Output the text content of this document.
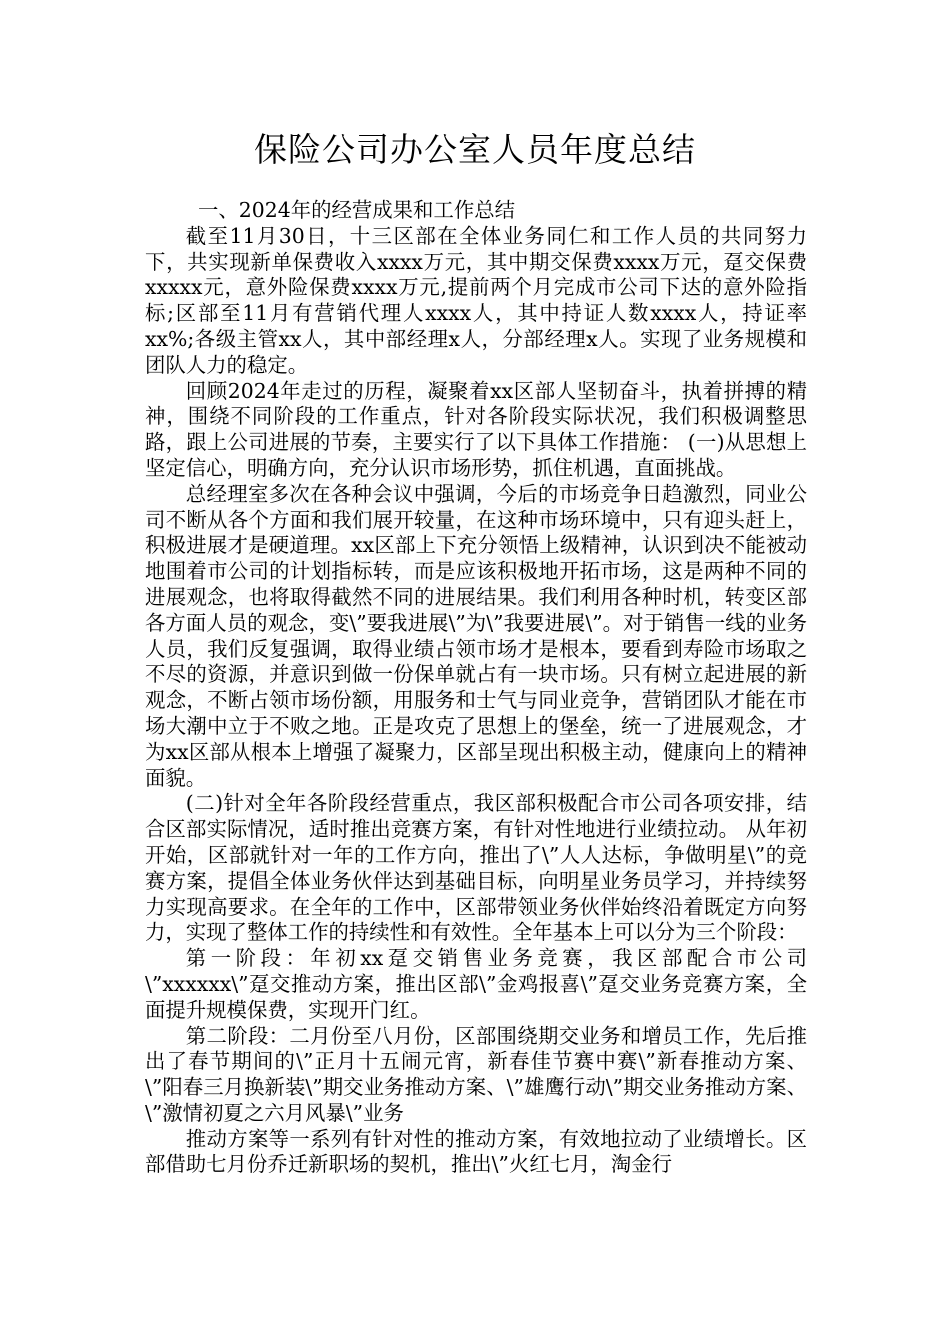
保险公司办公室人员年度总结

一、2024年的经营成果和工作总结

截至11月30日，十三区部在全体业务同仁和工作人员的共同努力下，共实现新单保费收入xxxx万元，其中期交保费xxxx万元，趸交保费xxxxx元，意外险保费xxxx万元,提前两个月完成市公司下达的意外险指标;区部至11月有营销代理人xxxx人，其中持证人数xxxx人，持证率xx%;各级主管xx人，其中部经理x人，分部经理x人。实现了业务规模和团队人力的稳定。

回顾2024年走过的历程，凝聚着xx区部人坚韧奋斗，执着拼搏的精神，围绕不同阶段的工作重点，针对各阶段实际状况，我们积极调整思路，跟上公司进展的节奏，主要实行了以下具体工作措施： (一)从思想上坚定信心，明确方向，充分认识市场形势，抓住机遇，直面挑战。

总经理室多次在各种会议中强调，今后的市场竞争日趋激烈，同业公司不断从各个方面和我们展开较量，在这种市场环境中，只有迎头赶上，积极进展才是硬道理。xx区部上下充分领悟上级精神，认识到决不能被动地围着市公司的计划指标转，而是应该积极地开拓市场，这是两种不同的进展观念，也将取得截然不同的进展结果。我们利用各种时机，转变区部各方面人员的观念，变\”要我进展\”为\”我要进展\”。对于销售一线的业务人员，我们反复强调，取得业绩占领市场才是根本，要看到寿险市场取之不尽的资源，并意识到做一份保单就占有一块市场。只有树立起进展的新观念，不断占领市场份额，用服务和士气与同业竞争，营销团队才能在市场大潮中立于不败之地。正是攻克了思想上的堡垒，统一了进展观念，才为xx区部从根本上增强了凝聚力，区部呈现出积极主动，健康向上的精神面貌。

(二)针对全年各阶段经营重点，我区部积极配合市公司各项安排，结合区部实际情况，适时推出竞赛方案，有针对性地进行业绩拉动。 从年初开始，区部就针对一年的工作方向，推出了\”人人达标，争做明星\”的竞赛方案，提倡全体业务伙伴达到基础目标，向明星业务员学习，并持续努力实现高要求。在全年的工作中，区部带领业务伙伴始终沿着既定方向努力，实现了整体工作的持续性和有效性。全年基本上可以分为三个阶段：

第一阶段：年初xx趸交销售业务竞赛，我区部配合市公司\”xxxxxx\”趸交推动方案，推出区部\”金鸡报喜\”趸交业务竞赛方案，全面提升规模保费，实现开门红。

第二阶段：二月份至八月份，区部围绕期交业务和增员工作，先后推出了春节期间的\”正月十五闹元宵，新春佳节赛中赛\”新春推动方案、\”阳春三月换新装\”期交业务推动方案、\”雄鹰行动\”期交业务推动方案、\”激情初夏之六月风暴\”业务

推动方案等一系列有针对性的推动方案，有效地拉动了业绩增长。区部借助七月份乔迁新职场的契机，推出\”火红七月，淘金行
